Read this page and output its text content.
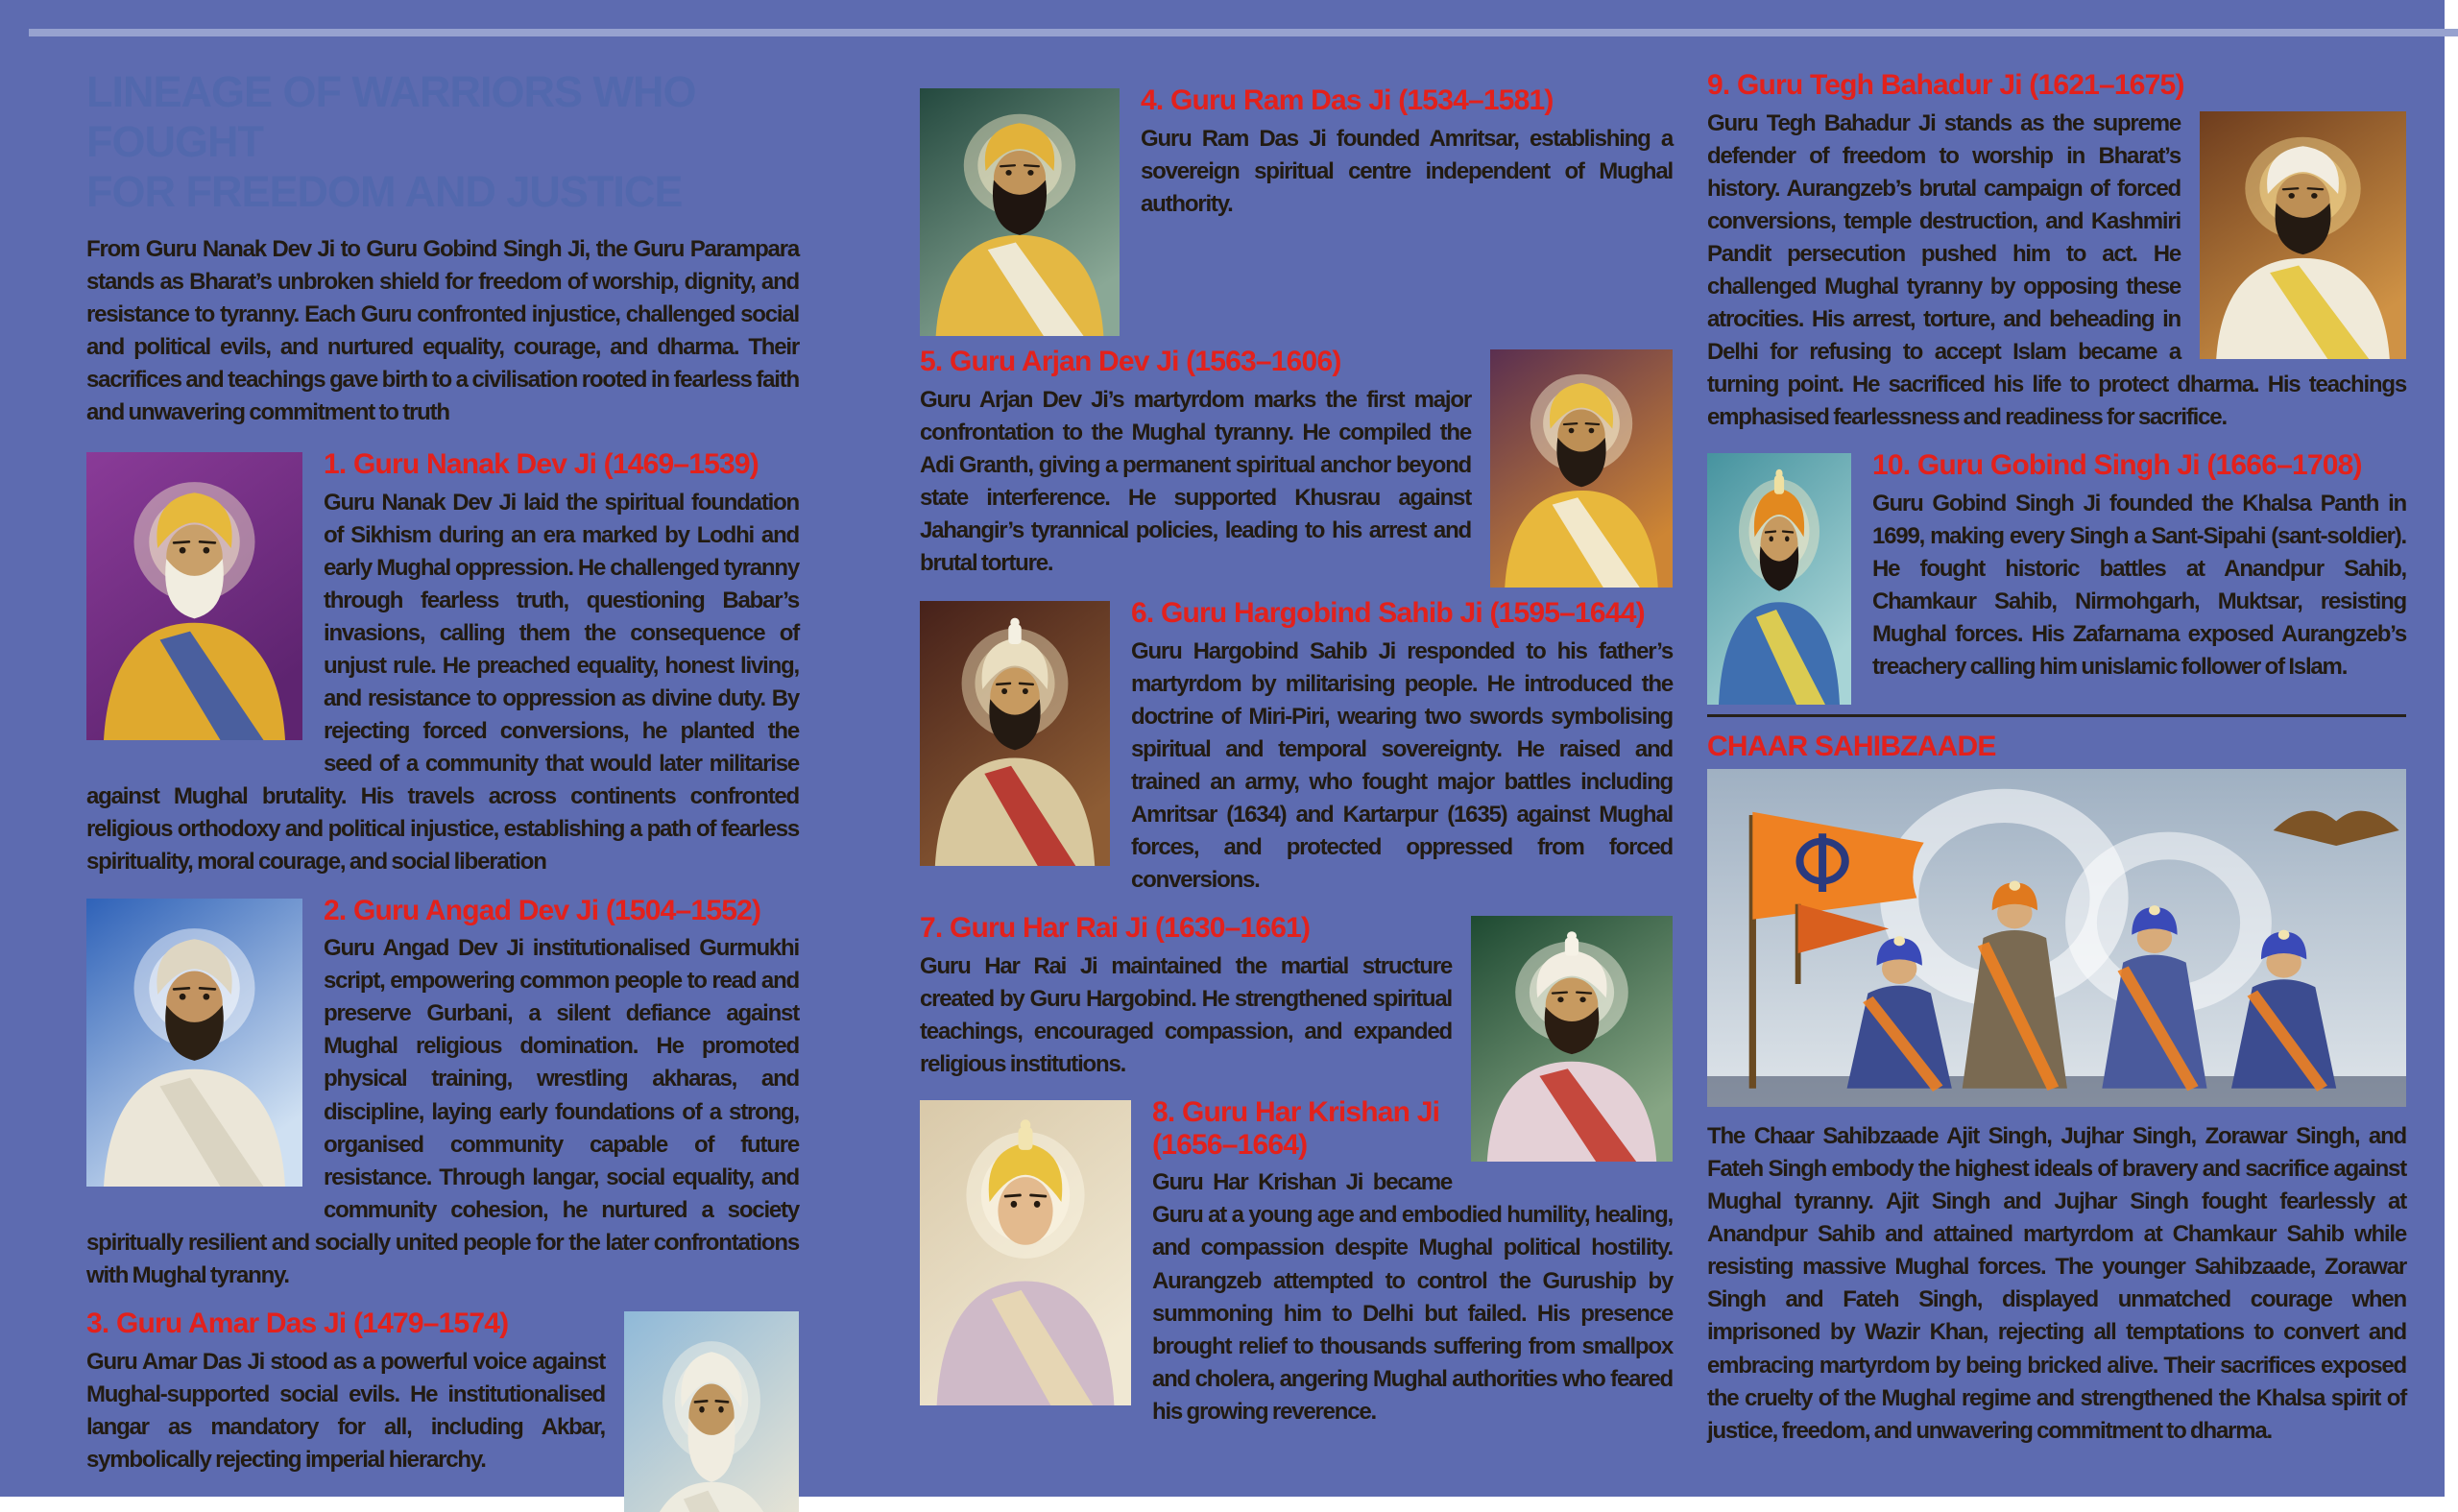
LINEAGE OF WARRIORS WHO FOUGHT
FOR FREEDOM AND JUSTICE

From Guru Nanak Dev Ji to Guru Gobind Singh Ji, the Guru Parampara stands as Bharat’s unbroken shield for freedom of worship, dignity, and resistance to tyranny. Each Guru confronted injustice, challenged social and political evils, and nurtured equality, courage, and dharma. Their sacrifices and teachings gave birth to a civilisation rooted in fearless faith and unwavering commitment to truth

1. Guru Nanak Dev Ji (1469–1539)

Guru Nanak Dev Ji laid the spiritual foundation of Sikhism during an era marked by Lodhi and early Mughal oppression. He challenged tyranny through fearless truth, questioning Babar’s invasions, calling them the consequence of unjust rule. He preached equality, honest living, and resistance to oppression as divine duty. By rejecting forced conversions, he planted the seed of a community that would later militarise against Mughal brutality. His travels across continents confronted religious orthodoxy and political injustice, establishing a path of fearless spirituality, moral courage, and social liberation

2. Guru Angad Dev Ji (1504–1552)

Guru Angad Dev Ji institutionalised Gurmukhi script, empowering common people to read and preserve Gurbani, a silent defiance against Mughal religious domination. He promoted physical training, wrestling akharas, and discipline, laying early foundations of a strong, organised community capable of future resistance. Through langar, social equality, and community cohesion, he nurtured a society spiritually resilient and socially united people for the later confrontations with Mughal tyranny.

3. Guru Amar Das Ji (1479–1574)

Guru Amar Das Ji stood as a powerful voice against Mughal-supported social evils. He institutionalised langar as mandatory for all, including Akbar, symbolically rejecting imperial hierarchy.

4. Guru Ram Das Ji (1534–1581)

Guru Ram Das Ji founded Amritsar, establishing a sovereign spiritual centre independent of Mughal authority.

5. Guru Arjan Dev Ji (1563–1606)

Guru Arjan Dev Ji’s martyrdom marks the first major confrontation to the Mughal tyranny. He compiled the Adi Granth, giving a permanent spiritual anchor beyond state interference. He supported Khusrau against Jahangir’s tyrannical policies, leading to his arrest and brutal torture.

6. Guru Hargobind Sahib Ji (1595–1644)

Guru Hargobind Sahib Ji responded to his father’s martyrdom by militarising people. He introduced the doctrine of Miri-Piri, wearing two swords symbolising spiritual and temporal sovereignty. He raised and trained an army, who fought major battles including Amritsar (1634) and Kartarpur (1635) against Mughal forces, and protected oppressed from forced conversions.

7. Guru Har Rai Ji (1630–1661)

Guru Har Rai Ji maintained the martial structure created by Guru Hargobind. He strengthened spiritual teachings, encouraged compassion, and expanded religious institutions.

8. Guru Har Krishan Ji (1656–1664)

Guru Har Krishan Ji became Guru at a young age and embodied humility, healing, and compassion despite Mughal political hostility. Aurangzeb attempted to control the Guruship by summoning him to Delhi but failed. His presence brought relief to thousands suffering from smallpox and cholera, angering Mughal authorities who feared his growing reverence.

9. Guru Tegh Bahadur Ji (1621–1675)

Guru Tegh Bahadur Ji stands as the supreme defender of freedom to worship in Bharat’s history. Aurangzeb’s brutal campaign of forced conversions, temple destruction, and Kashmiri Pandit persecution pushed him to act. He challenged Mughal tyranny by opposing these atrocities. His arrest, torture, and beheading in Delhi for refusing to accept Islam became a turning point. He sacrificed his life to protect dharma. His teachings emphasised fearlessness and readiness for sacrifice.

10. Guru Gobind Singh Ji (1666–1708)

Guru Gobind Singh Ji founded the Khalsa Panth in 1699, making every Singh a Sant-Sipahi (sant-soldier). He fought historic battles at Anandpur Sahib, Chamkaur Sahib, Nirmohgarh, Muktsar, resisting Mughal forces. His Zafarnama exposed Aurangzeb’s treachery calling him unislamic follower of Islam.

CHAAR SAHIBZAADE

The Chaar Sahibzaade Ajit Singh, Jujhar Singh, Zorawar Singh, and Fateh Singh embody the highest ideals of bravery and sacrifice against Mughal tyranny. Ajit Singh and Jujhar Singh fought fearlessly at Anandpur Sahib and attained martyrdom at Chamkaur Sahib while resisting massive Mughal forces. The younger Sahibzaade, Zorawar Singh and Fateh Singh, displayed unmatched courage when imprisoned by Wazir Khan, rejecting all temptations to convert and embracing martyrdom by being bricked alive. Their sacrifices exposed the cruelty of the Mughal regime and strengthened the Khalsa spirit of justice, freedom, and unwavering commitment to dharma.
